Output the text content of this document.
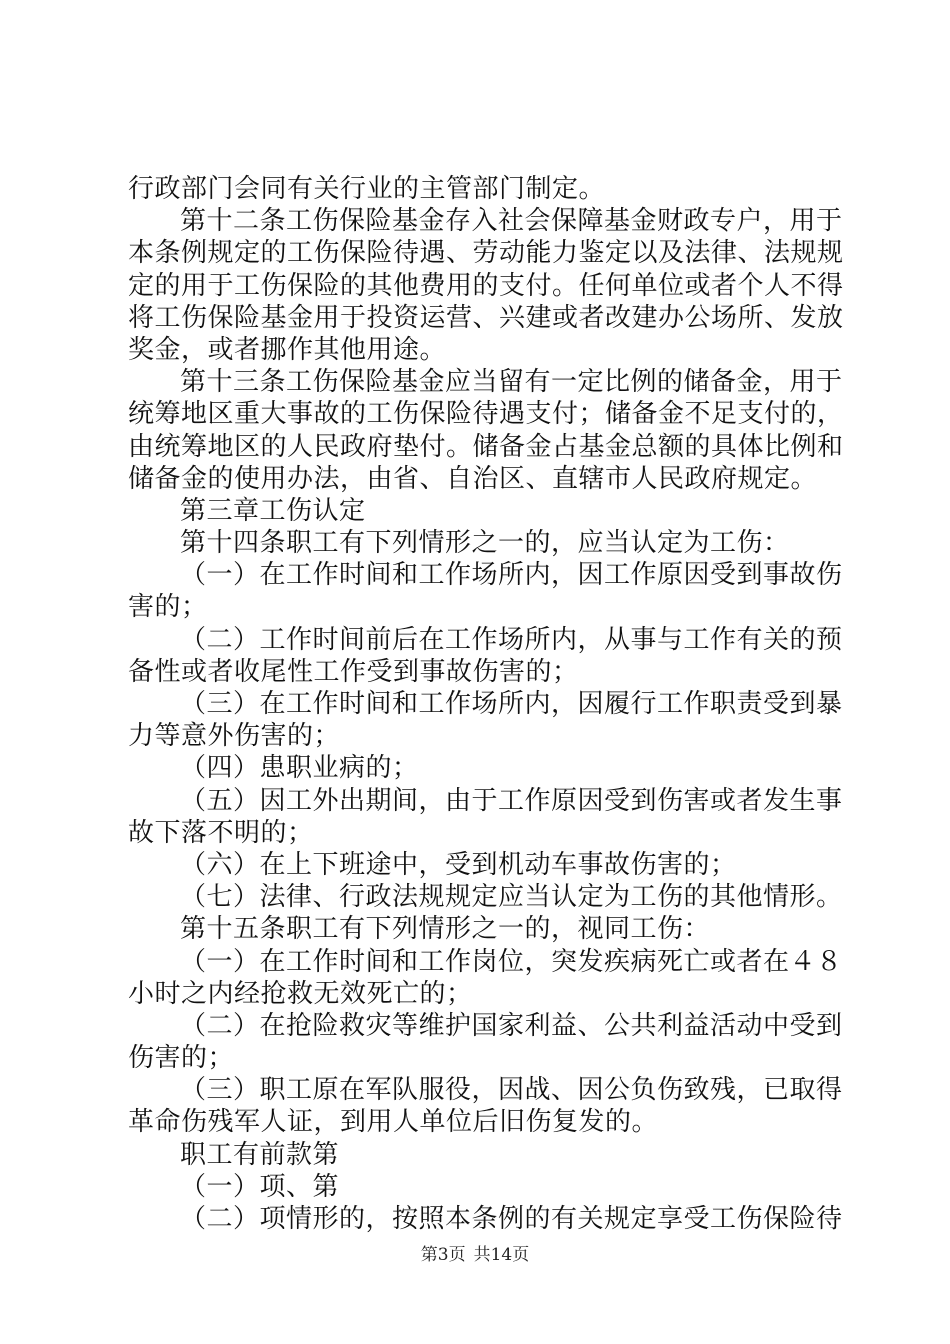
行政部门会同有关行业的主管部门制定。
第十二条工伤保险基金存入社会保障基金财政专户，用于
本条例规定的工伤保险待遇、劳动能力鉴定以及法律、法规规
定的用于工伤保险的其他费用的支付。任何单位或者个人不得
将工伤保险基金用于投资运营、兴建或者改建办公场所、发放
奖金，或者挪作其他用途。
第十三条工伤保险基金应当留有一定比例的储备金，用于
统筹地区重大事故的工伤保险待遇支付；储备金不足支付的，
由统筹地区的人民政府垫付。储备金占基金总额的具体比例和
储备金的使用办法，由省、自治区、直辖市人民政府规定。
第三章工伤认定
第十四条职工有下列情形之一的，应当认定为工伤：
（一）在工作时间和工作场所内，因工作原因受到事故伤
害的；
（二）工作时间前后在工作场所内，从事与工作有关的预
备性或者收尾性工作受到事故伤害的；
（三）在工作时间和工作场所内，因履行工作职责受到暴
力等意外伤害的；
（四）患职业病的；
（五）因工外出期间，由于工作原因受到伤害或者发生事
故下落不明的；
（六）在上下班途中，受到机动车事故伤害的；
（七）法律、行政法规规定应当认定为工伤的其他情形。
第十五条职工有下列情形之一的，视同工伤：
（一）在工作时间和工作岗位，突发疾病死亡或者在４８
小时之内经抢救无效死亡的；
（二）在抢险救灾等维护国家利益、公共利益活动中受到
伤害的；
（三）职工原在军队服役，因战、因公负伤致残，已取得
革命伤残军人证，到用人单位后旧伤复发的。
职工有前款第
（一）项、第
（二）项情形的，按照本条例的有关规定享受工伤保险待
第3页 共14页
